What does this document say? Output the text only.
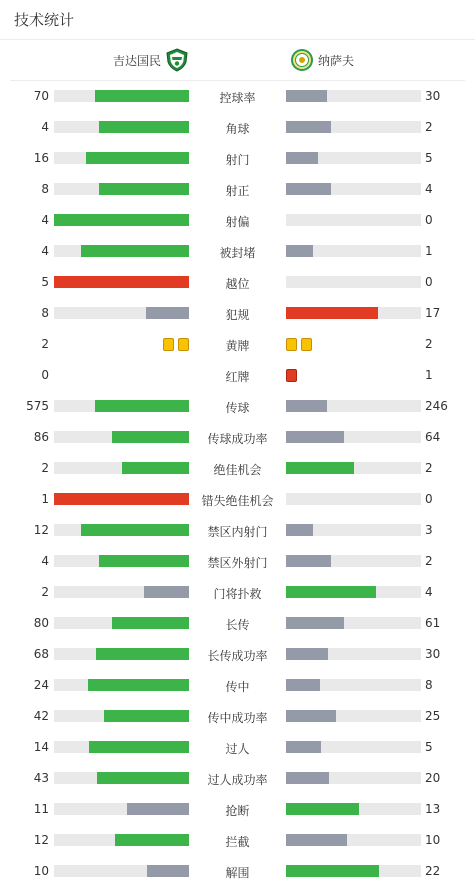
技术统计
吉达国民	纳萨夫
70	控球率	30
4	角球	2
16	射门	5
8	射正	4
4	射偏	0
4	被封堵	1
5	越位	0
8	犯规	17
2	黄牌	2
0	红牌	1
575	传球	246
86	传球成功率	64
2	绝佳机会	2
1	错失绝佳机会	0
12	禁区内射门	3
4	禁区外射门	2
2	门将扑救	4
80	长传	61
68	长传成功率	30
24	传中	8
42	传中成功率	25
14	过人	5
43	过人成功率	20
11	抢断	13
12	拦截	10
10	解围	22
